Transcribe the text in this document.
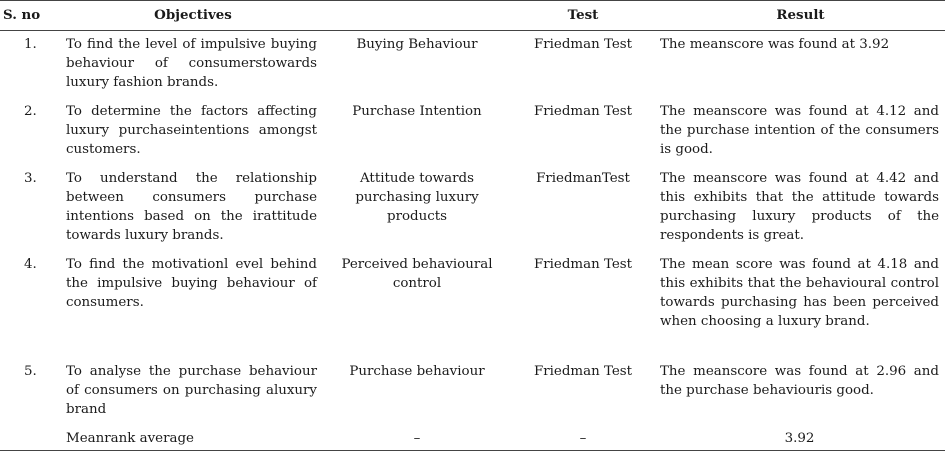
S. no	Objectives		Test	Result
1.	To find the level of impulsive buying behaviour of consumerstowards luxury fashion brands.	Buying Behaviour	Friedman Test	The meanscore was found at 3.92
2.	To determine the factors affecting luxury purchaseintentions amongst customers.	Purchase Intention	Friedman Test	The meanscore was found at 4.12 and the purchase intention of the consumers is good.
3.	To understand the relationship between consumers purchase intentions based on the irattitude towards luxury brands.	Attitude towards purchasing luxury products	FriedmanTest	The meanscore was found at 4.42 and this exhibits that the attitude towards purchasing luxury products of the respondents is great.
4.	To find the motivationl evel behind the impulsive buying behaviour of consumers.	Perceived behavioural control	Friedman Test	The mean score was found at 4.18 and this exhibits that the behavioural control towards purchasing has been perceived when choosing a luxury brand.
5.	To analyse the purchase behaviour of consumers on purchasing aluxury brand	Purchase behaviour	Friedman Test	The meanscore was found at 2.96 and the purchase behaviouris good.
	Meanrank average	–	–	3.92
